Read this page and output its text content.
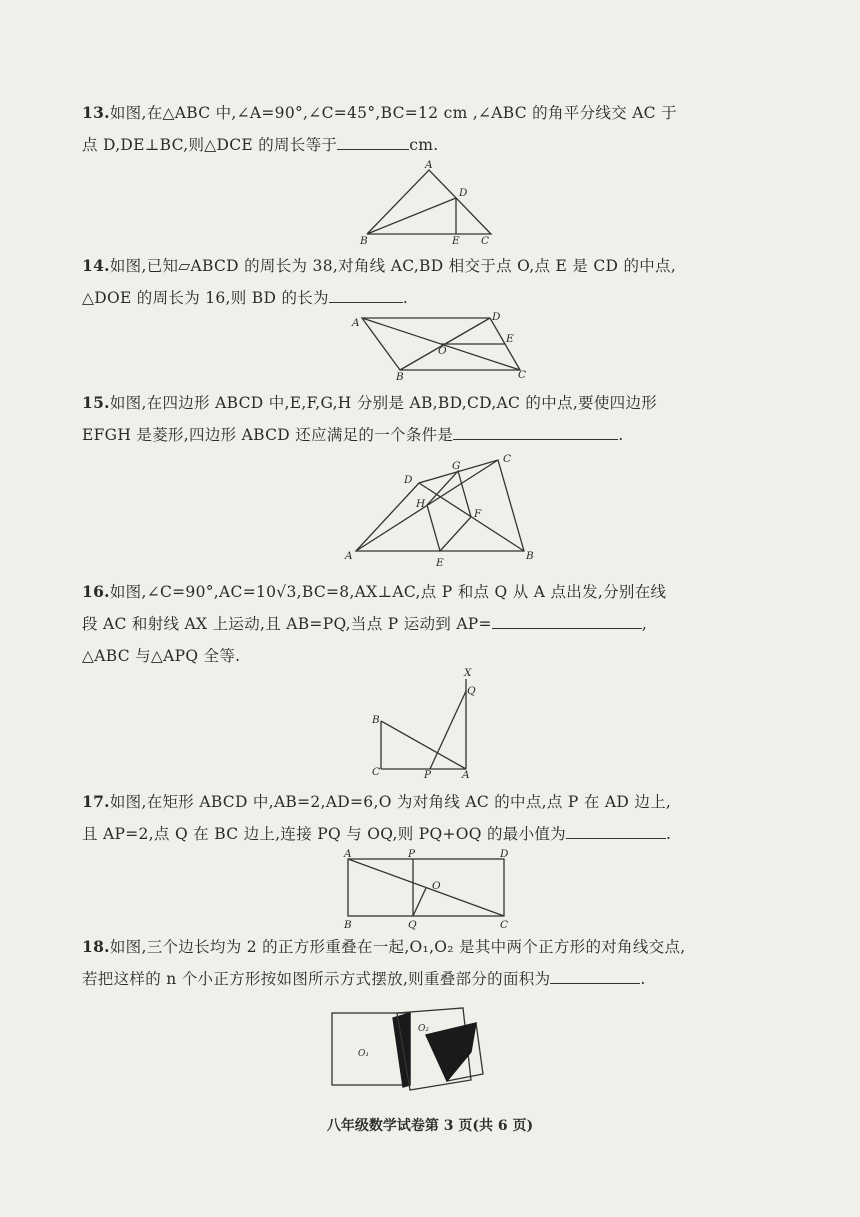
13.如图,在△ABC 中,∠A=90°,∠C=45°,BC=12 cm ,∠ABC 的角平分线交 AC 于

点 D,DE⊥BC,则△DCE 的周长等于	cm.

A
D
B	E C

14.如图,已知▱ABCD 的周长为 38,对角线 AC,BD 相交于点 O,点 E 是 CD 的中点,

△DOE 的周长为 16,则 BD 的长为	.

A	D
E
O
B	C

15.如图,在四边形 ABCD 中,E,F,G,H 分别是 AB,BD,CD,AC 的中点,要使四边形

EFGH 是菱形,四边形 ABCD 还应满足的一个条件是	.

G
C
D
H
F
A
E
B

16.如图,∠C=90°,AC=10√3,BC=8,AX⊥AC,点 P 和点 Q 从 A 点出发,分别在线

段 AC 和射线 AX 上运动,且 AB=PQ,当点 P 运动到 AP=	,

△ABC 与△APQ 全等.

X
Q
B
C	P	A

17.如图,在矩形 ABCD 中,AB=2,AD=6,O 为对角线 AC 的中点,点 P 在 AD 边上,

且 AP=2,点 Q 在 BC 边上,连接 PQ 与 OQ,则 PQ+OQ 的最小值为	.

A	P	D
O
B	Q	C

18.如图,三个边长均为 2 的正方形重叠在一起,O₁,O₂ 是其中两个正方形的对角线交点,

若把这样的 n 个小正方形按如图所示方式摆放,则重叠部分的面积为	.

O₁
O₂
八年级数学试卷第 3 页(共 6 页)
